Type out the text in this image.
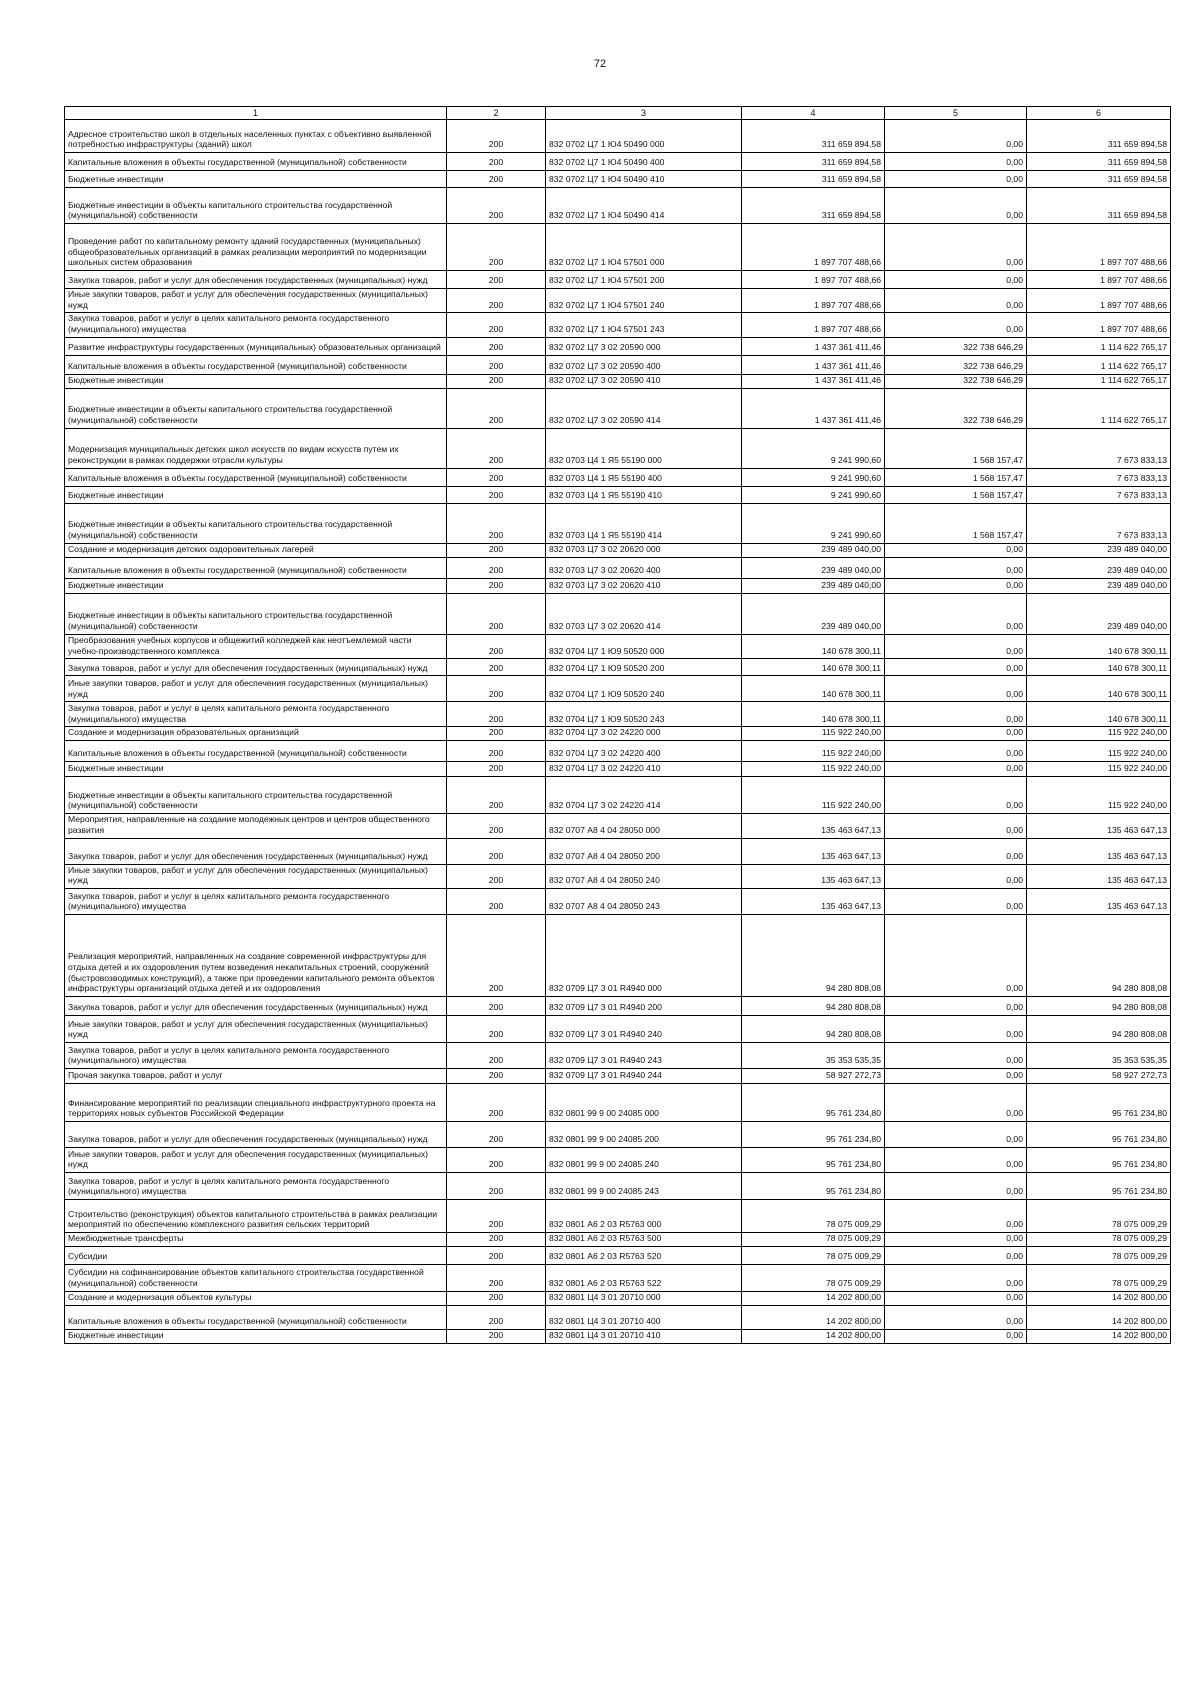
72
1	2	3	4	5	6
Адресное строительство школ в отдельных населенных пунктах с объективно выявленной потребностью инфраструктуры (зданий) школ	200	832 0702 Ц7 1 Ю4 50490 000	311 659 894,58	0,00	311 659 894,58
Капитальные вложения в объекты государственной (муниципальной) собственности	200	832 0702 Ц7 1 Ю4 50490 400	311 659 894,58	0,00	311 659 894,58
Бюджетные инвестиции	200	832 0702 Ц7 1 Ю4 50490 410	311 659 894,58	0,00	311 659 894,58
Бюджетные инвестиции в объекты капитального строительства государственной (муниципальной) собственности	200	832 0702 Ц7 1 Ю4 50490 414	311 659 894,58	0,00	311 659 894,58
Проведение работ по капитальному ремонту зданий государственных (муниципальных) общеобразовательных организаций в рамках реализации мероприятий по модернизации школьных систем образования	200	832 0702 Ц7 1 Ю4 57501 000	1 897 707 488,66	0,00	1 897 707 488,66
Закупка товаров, работ и услуг для обеспечения государственных (муниципальных) нужд	200	832 0702 Ц7 1 Ю4 57501 200	1 897 707 488,66	0,00	1 897 707 488,66
Иные закупки товаров, работ и услуг для обеспечения государственных (муниципальных) нужд	200	832 0702 Ц7 1 Ю4 57501 240	1 897 707 488,66	0,00	1 897 707 488,66
Закупка товаров, работ и услуг в целях капитального ремонта государственного (муниципального) имущества	200	832 0702 Ц7 1 Ю4 57501 243	1 897 707 488,66	0,00	1 897 707 488,66
Развитие инфраструктуры государственных (муниципальных) образовательных организаций	200	832 0702 Ц7 3 02 20590 000	1 437 361 411,46	322 738 646,29	1 114 622 765,17
Капитальные вложения в объекты государственной (муниципальной) собственности	200	832 0702 Ц7 3 02 20590 400	1 437 361 411,46	322 738 646,29	1 114 622 765,17
Бюджетные инвестиции	200	832 0702 Ц7 3 02 20590 410	1 437 361 411,46	322 738 646,29	1 114 622 765,17
Бюджетные инвестиции в объекты капитального строительства государственной (муниципальной) собственности	200	832 0702 Ц7 3 02 20590 414	1 437 361 411,46	322 738 646,29	1 114 622 765,17
Модернизация муниципальных детских школ искусств по видам искусств путем их реконструкции в рамках поддержки отрасли культуры	200	832 0703 Ц4 1 Я5 55190 000	9 241 990,60	1 568 157,47	7 673 833,13
Капитальные вложения в объекты государственной (муниципальной) собственности	200	832 0703 Ц4 1 Я5 55190 400	9 241 990,60	1 568 157,47	7 673 833,13
Бюджетные инвестиции	200	832 0703 Ц4 1 Я5 55190 410	9 241 990,60	1 568 157,47	7 673 833,13
Бюджетные инвестиции в объекты капитального строительства государственной (муниципальной) собственности	200	832 0703 Ц4 1 Я5 55190 414	9 241 990,60	1 568 157,47	7 673 833,13
Создание и модернизация детских оздоровительных лагерей	200	832 0703 Ц7 3 02 20620 000	239 489 040,00	0,00	239 489 040,00
Капитальные вложения в объекты государственной (муниципальной) собственности	200	832 0703 Ц7 3 02 20620 400	239 489 040,00	0,00	239 489 040,00
Бюджетные инвестиции	200	832 0703 Ц7 3 02 20620 410	239 489 040,00	0,00	239 489 040,00
Бюджетные инвестиции в объекты капитального строительства государственной (муниципальной) собственности	200	832 0703 Ц7 3 02 20620 414	239 489 040,00	0,00	239 489 040,00
Преобразования учебных корпусов и общежитий колледжей как неотъемлемой части учебно-производственного комплекса	200	832 0704 Ц7 1 Ю9 50520 000	140 678 300,11	0,00	140 678 300,11
Закупка товаров, работ и услуг для обеспечения государственных (муниципальных) нужд	200	832 0704 Ц7 1 Ю9 50520 200	140 678 300,11	0,00	140 678 300,11
Иные закупки товаров, работ и услуг для обеспечения государственных (муниципальных) нужд	200	832 0704 Ц7 1 Ю9 50520 240	140 678 300,11	0,00	140 678 300,11
Закупка товаров, работ и услуг в целях капитального ремонта государственного (муниципального) имущества	200	832 0704 Ц7 1 Ю9 50520 243	140 678 300,11	0,00	140 678 300,11
Создание и модернизация образовательных организаций	200	832 0704 Ц7 3 02 24220 000	115 922 240,00	0,00	115 922 240,00
Капитальные вложения в объекты государственной (муниципальной) собственности	200	832 0704 Ц7 3 02 24220 400	115 922 240,00	0,00	115 922 240,00
Бюджетные инвестиции	200	832 0704 Ц7 3 02 24220 410	115 922 240,00	0,00	115 922 240,00
Бюджетные инвестиции в объекты капитального строительства государственной (муниципальной) собственности	200	832 0704 Ц7 3 02 24220 414	115 922 240,00	0,00	115 922 240,00
Мероприятия, направленные на создание молодежных центров и центров общественного развития	200	832 0707 А8 4 04 28050 000	135 463 647,13	0,00	135 463 647,13
Закупка товаров, работ и услуг для обеспечения государственных (муниципальных) нужд	200	832 0707 А8 4 04 28050 200	135 463 647,13	0,00	135 463 647,13
Иные закупки товаров, работ и услуг для обеспечения государственных (муниципальных) нужд	200	832 0707 А8 4 04 28050 240	135 463 647,13	0,00	135 463 647,13
Закупка товаров, работ и услуг в целях капитального ремонта государственного (муниципального) имущества	200	832 0707 А8 4 04 28050 243	135 463 647,13	0,00	135 463 647,13
Реализация мероприятий, направленных на создание современной инфраструктуры для отдыха детей и их оздоровления путем возведения некапитальных строений, сооружений (быстровозводимых конструкций), а также при проведении капитального ремонта объектов инфраструктуры организаций отдыха детей и их оздоровления	200	832 0709 Ц7 3 01 R4940 000	94 280 808,08	0,00	94 280 808,08
Закупка товаров, работ и услуг для обеспечения государственных (муниципальных) нужд	200	832 0709 Ц7 3 01 R4940 200	94 280 808,08	0,00	94 280 808,08
Иные закупки товаров, работ и услуг для обеспечения государственных (муниципальных) нужд	200	832 0709 Ц7 3 01 R4940 240	94 280 808,08	0,00	94 280 808,08
Закупка товаров, работ и услуг в целях капитального ремонта государственного (муниципального) имущества	200	832 0709 Ц7 3 01 R4940 243	35 353 535,35	0,00	35 353 535,35
Прочая закупка товаров, работ и услуг	200	832 0709 Ц7 3 01 R4940 244	58 927 272,73	0,00	58 927 272,73
Финансирование мероприятий по реализации специального инфраструктурного проекта на территориях новых субъектов Российской Федерации	200	832 0801 99 9 00 24085 000	95 761 234,80	0,00	95 761 234,80
Закупка товаров, работ и услуг для обеспечения государственных (муниципальных) нужд	200	832 0801 99 9 00 24085 200	95 761 234,80	0,00	95 761 234,80
Иные закупки товаров, работ и услуг для обеспечения государственных (муниципальных) нужд	200	832 0801 99 9 00 24085 240	95 761 234,80	0,00	95 761 234,80
Закупка товаров, работ и услуг в целях капитального ремонта государственного (муниципального) имущества	200	832 0801 99 9 00 24085 243	95 761 234,80	0,00	95 761 234,80
Строительство (реконструкция) объектов капитального строительства в рамках реализации мероприятий по обеспечению комплексного развития сельских территорий	200	832 0801 А6 2 03 R5763 000	78 075 009,29	0,00	78 075 009,29
Межбюджетные трансферты	200	832 0801 А6 2 03 R5763 500	78 075 009,29	0,00	78 075 009,29
Субсидии	200	832 0801 А6 2 03 R5763 520	78 075 009,29	0,00	78 075 009,29
Субсидии на софинансирование объектов капитального строительства государственной (муниципальной) собственности	200	832 0801 А6 2 03 R5763 522	78 075 009,29	0,00	78 075 009,29
Создание и модернизация объектов культуры	200	832 0801 Ц4 3 01 20710 000	14 202 800,00	0,00	14 202 800,00
Капитальные вложения в объекты государственной (муниципальной) собственности	200	832 0801 Ц4 3 01 20710 400	14 202 800,00	0,00	14 202 800,00
Бюджетные инвестиции	200	832 0801 Ц4 3 01 20710 410	14 202 800,00	0,00	14 202 800,00
